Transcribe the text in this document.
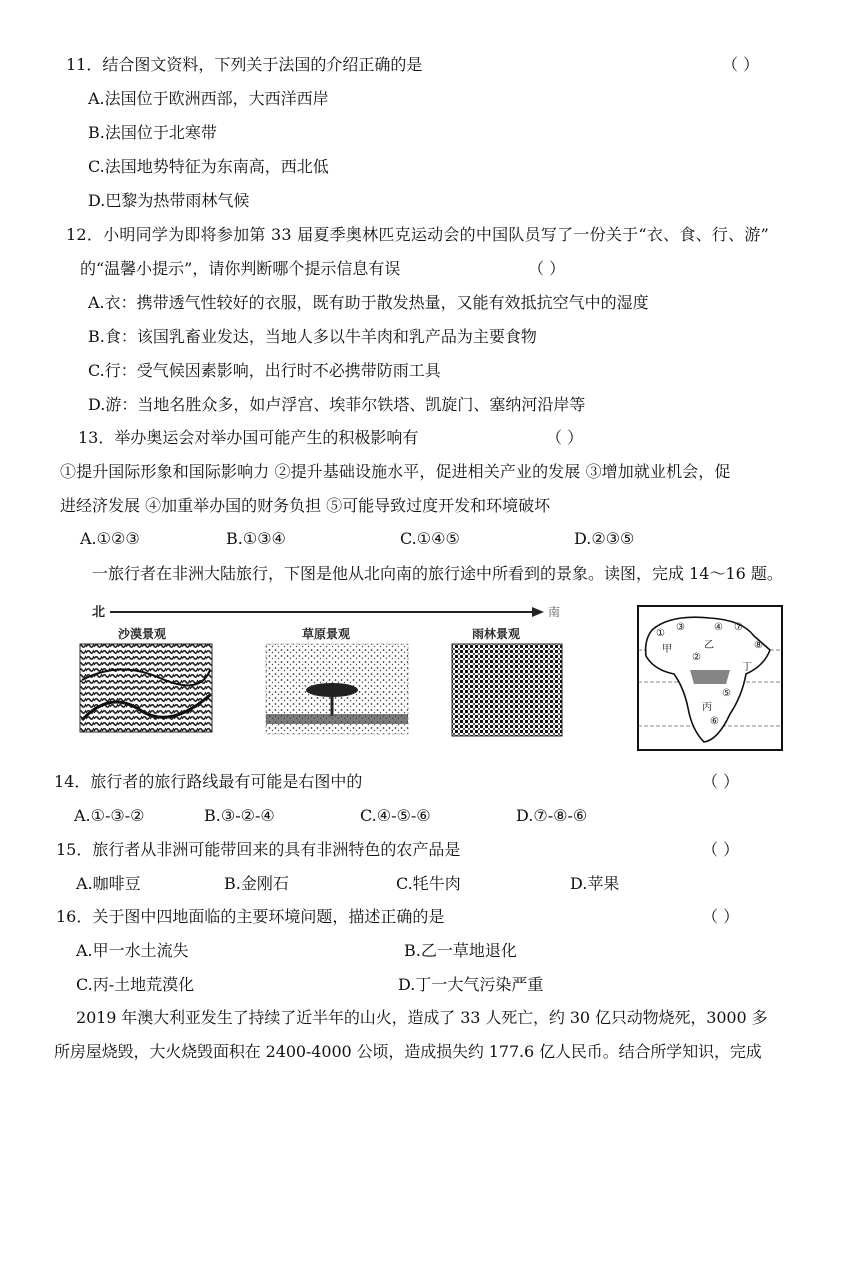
11．结合图文资料，下列关于法国的介绍正确的是	（ ）
A.法国位于欧洲西部，大西洋西岸
B.法国位于北寒带
C.法国地势特征为东南高，西北低
D.巴黎为热带雨林气候
12．小明同学为即将参加第 33 届夏季奥林匹克运动会的中国队员写了一份关于“衣、食、行、游”
的“温馨小提示”，请你判断哪个提示信息有误	（ ）
A.衣：携带透气性较好的衣服，既有助于散发热量，又能有效抵抗空气中的湿度
B.食：该国乳畜业发达，当地人多以牛羊肉和乳产品为主要食物
C.行：受气候因素影响，出行时不必携带防雨工具
D.游：当地名胜众多，如卢浮宫、埃菲尔铁塔、凯旋门、塞纳河沿岸等
13．举办奥运会对举办国可能产生的积极影响有	（ ）
①提升国际形象和国际影响力 ②提升基础设施水平，促进相关产业的发展 ③增加就业机会，促
进经济发展 ④加重举办国的财务负担 ⑤可能导致过度开发和环境破坏
A.①②③	B.①③④	C.①④⑤	D.②③⑤
一旅行者在非洲大陆旅行，下图是他从北向南的旅行途中所看到的景象。读图，完成 14～16 题。
北	南
沙漠景观	草原景观	雨林景观	①
②
③	④
⑤
⑥
⑦
⑧
甲	乙
丙
丁
14．旅行者的旅行路线最有可能是右图中的	（ ）
A.①-③-②	B.③-②-④	C.④-⑤-⑥	D.⑦-⑧-⑥
15．旅行者从非洲可能带回来的具有非洲特色的农产品是	（ ）
A.咖啡豆	B.金刚石	C.牦牛肉	D.苹果
16．关于图中四地面临的主要环境问题，描述正确的是	（ ）
A.甲一水土流失	B.乙一草地退化
C.丙-土地荒漠化	D.丁一大气污染严重
2019 年澳大利亚发生了持续了近半年的山火，造成了 33 人死亡，约 30 亿只动物烧死，3000 多
所房屋烧毁，大火烧毁面积在 2400-4000 公顷，造成损失约 177.6 亿人民币。结合所学知识，完成
